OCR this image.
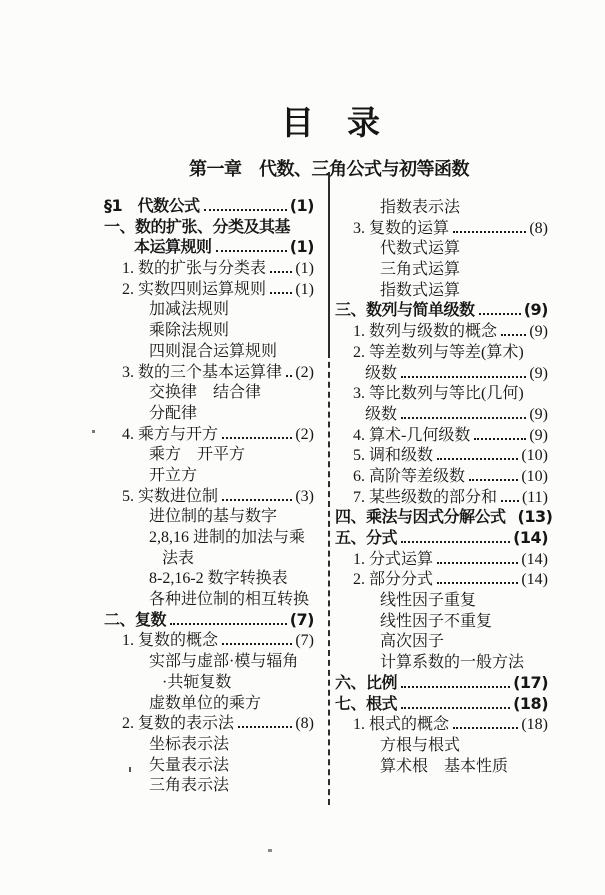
目　录
第一章　代数、三角公式与初等函数
§1　代数公式	(1)
一、数的扩张、分类及其基
本运算规则	(1)
1. 数的扩张与分类表 (1)
2. 实数四则运算规则 (1)
加减法规则
乘除法规则
四则混合运算规则
3. 数的三个基本运算律 (2)
交换律　结合律
分配律
4. 乘方与开方	(2)
乘方　开平方
开立方
5. 实数进位制	(3)
进位制的基与数字
2,8,16 进制的加法与乘
法表
8-2,16-2 数字转换表
各种进位制的相互转换
二、复数	(7)
1. 复数的概念	(7)
实部与虚部·模与辐角
·共轭复数
虚数单位的乘方
2. 复数的表示法	(8)
坐标表示法
矢量表示法
三角表示法
指数表示法
3. 复数的运算	(8)
代数式运算
三角式运算
指数式运算
三、数列与简单级数	(9)
1. 数列与级数的概念 (9)
2. 等差数列与等差(算术)
级数	(9)
3. 等比数列与等比(几何)
级数	(9)
4. 算术-几何级数	(9)
5. 调和级数	(10)
6. 高阶等差级数	(10)
7. 某些级数的部分和 (11)
四、乘法与因式分解公式 (13)
五、分式	(14)
1. 分式运算	(14)
2. 部分分式	(14)
线性因子重复
线性因子不重复
高次因子
计算系数的一般方法
六、比例	(17)
七、根式	(18)
1. 根式的概念	(18)
方根与根式
算术根　基本性质
